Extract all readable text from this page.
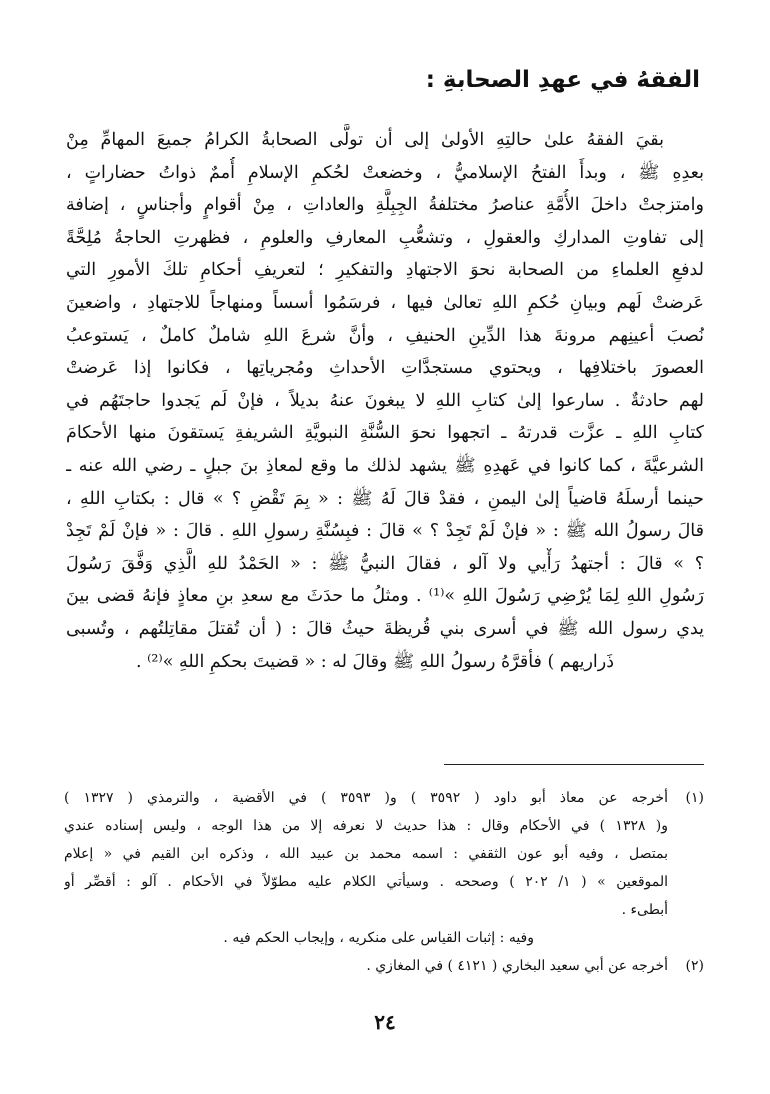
الفقهُ في عهدِ الصحابةِ :
بقيَ الفقهُ علىٰ حالتِهِ الأولىٰ إلى أن تولَّى الصحابةُ الكرامُ جميعَ المهامِّ مِنْ
بعدِهِ ﷺ ، وبدأَ الفتحُ الإسلاميُّ ، وخضعتْ لحُكمِ الإسلامِ أُممٌ ذواتُ حضاراتٍ ،
وامتزجتْ داخلَ الأُمَّةِ عناصرُ مختلفةُ الجِبِلَّةِ والعاداتِ ، مِنْ أقوامٍ وأجناسٍ ، إضافة
إلى تفاوتِ المداركِ والعقولِ ، وتشعُّبِ المعارفِ والعلومِ ، فظهرتِ الحاجةُ مُلِحَّةً
لدفعِ العلماءِ من الصحابة نحوَ الاجتهادِ والتفكيرِ ؛ لتعريفِ أحكامِ تلكَ الأمورِ التي
عَرضتْ لَهم وبيانِ حُكمِ اللهِ تعالىٰ فيها ، فرسَمُوا أسساً ومنهاجاً للاجتهادِ ، واضعينَ
نُصبَ أعينِهم مرونةَ هذا الدِّينِ الحنيفِ ، وأنَّ شرعَ اللهِ شاملٌ كاملٌ ، يَستوعبُ
العصورَ باختلافِها ، ويحتوي مستجدَّاتِ الأحداثِ ومُجرياتِها ، فكانوا إذا عَرضتْ
لهم حادثةٌ . سارعوا إلىٰ كتابِ اللهِ لا يبغونَ عنهُ بديلاً ، فإنْ لَم يَجدوا حاجتَهُم في
كتابِ اللهِ ـ عزَّت قدرتهُ ـ اتجهوا نحوَ السُّنَّةِ النبويَّةِ الشريفةِ يَستقونَ منها الأحكامَ
الشرعيَّةَ ، كما كانوا في عَهدِهِ ﷺ يشهد لذلك ما وقع لمعاذِ بنَ جبلٍ ـ رضي الله عنه ـ
حينما أرسلَهُ قاضياً إلىٰ اليمنِ ، فقدْ قالَ لَهُ ﷺ : « بِمَ تَقْضِ ؟ » قال : بكتابِ اللهِ ،
قالَ رسولُ الله ﷺ : « فإنْ لَمْ تَجِدْ ؟ » قالَ : فبِسُنَّةِ رسولِ اللهِ . قالَ : « فإنْ لَمْ تَجِدْ
؟ » قالَ : أجتهدُ رَأْيي ولا آلو ، فقالَ النبيُّ ﷺ : « الحَمْدُ للهِ الَّذِي وَفَّقَ رَسُولَ
رَسُولِ اللهِ لِمَا يُرْضِي رَسُولَ اللهِ »⁽¹⁾ . ومثلُ ما حدَثَ مع سعدِ بنِ معاذٍ فإنهُ قضى بينَ
يدي رسول الله ﷺ في أسرى بني قُريظةَ حيثُ قالَ : ( أن تُقتلَ مقاتِلتُهم ، وتُسبى
ذَراريهم ) فأقرَّهُ رسولُ اللهِ ﷺ وقالَ له : « قضيتَ بحكمِ اللهِ »⁽²⁾ .
(١)
أخرجه عن معاذ أبو داود ( ٣٥٩٢ ) و( ٣٥٩٣ ) في الأقضية ، والترمذي ( ١٣٢٧ )
و( ١٣٢٨ ) في الأحكام وقال : هذا حديث لا نعرفه إلا من هذا الوجه ، وليس إسناده عندي
بمتصل ، وفيه أبو عون الثقفي : اسمه محمد بن عبيد الله ، وذكره ابن القيم في « إعلام
الموقعين » ( ١/ ٢٠٢ ) وصححه . وسيأتي الكلام عليه مطوّلاً في الأحكام . آلو : أقصِّر أو
أبطىء .
وفيه : إثبات القياس على منكريه ، وإيجاب الحكم فيه .
(٢)
أخرجه عن أبي سعيد البخاري ( ٤١٢١ ) في المغازي .
٢٤
